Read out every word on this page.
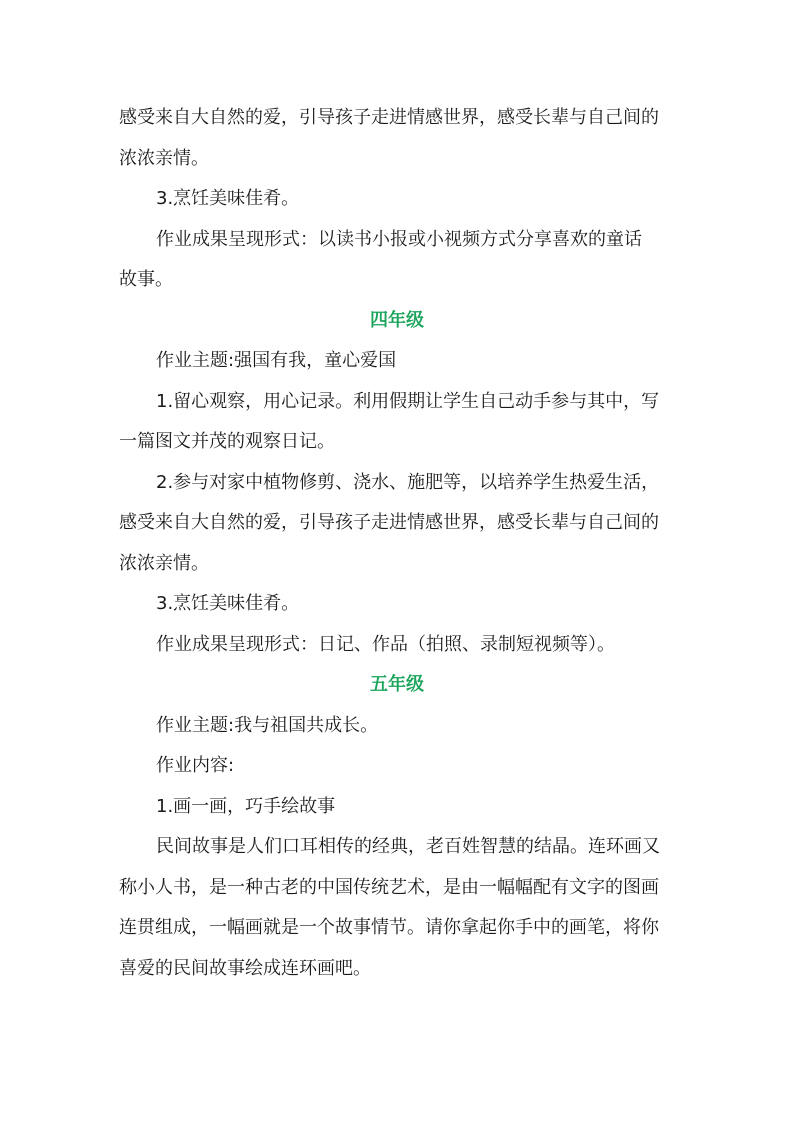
感受来自大自然的爱，引导孩子走进情感世界，感受长辈与自己间的
浓浓亲情。
3.烹饪美味佳肴。
作业成果呈现形式：以读书小报或小视频方式分享喜欢的童话
故事。
四年级
作业主题:强国有我，童心爱国
1.留心观察，用心记录。利用假期让学生自己动手参与其中，写
一篇图文并茂的观察日记。
2.参与对家中植物修剪、浇水、施肥等，以培养学生热爱生活，
感受来自大自然的爱，引导孩子走进情感世界，感受长辈与自己间的
浓浓亲情。
3.烹饪美味佳肴。
作业成果呈现形式：日记、作品（拍照、录制短视频等）。
五年级
作业主题:我与祖国共成长。
作业内容:
1.画一画，巧手绘故事
民间故事是人们口耳相传的经典，老百姓智慧的结晶。连环画又
称小人书，是一种古老的中国传统艺术，是由一幅幅配有文字的图画
连贯组成，一幅画就是一个故事情节。请你拿起你手中的画笔，将你
喜爱的民间故事绘成连环画吧。
